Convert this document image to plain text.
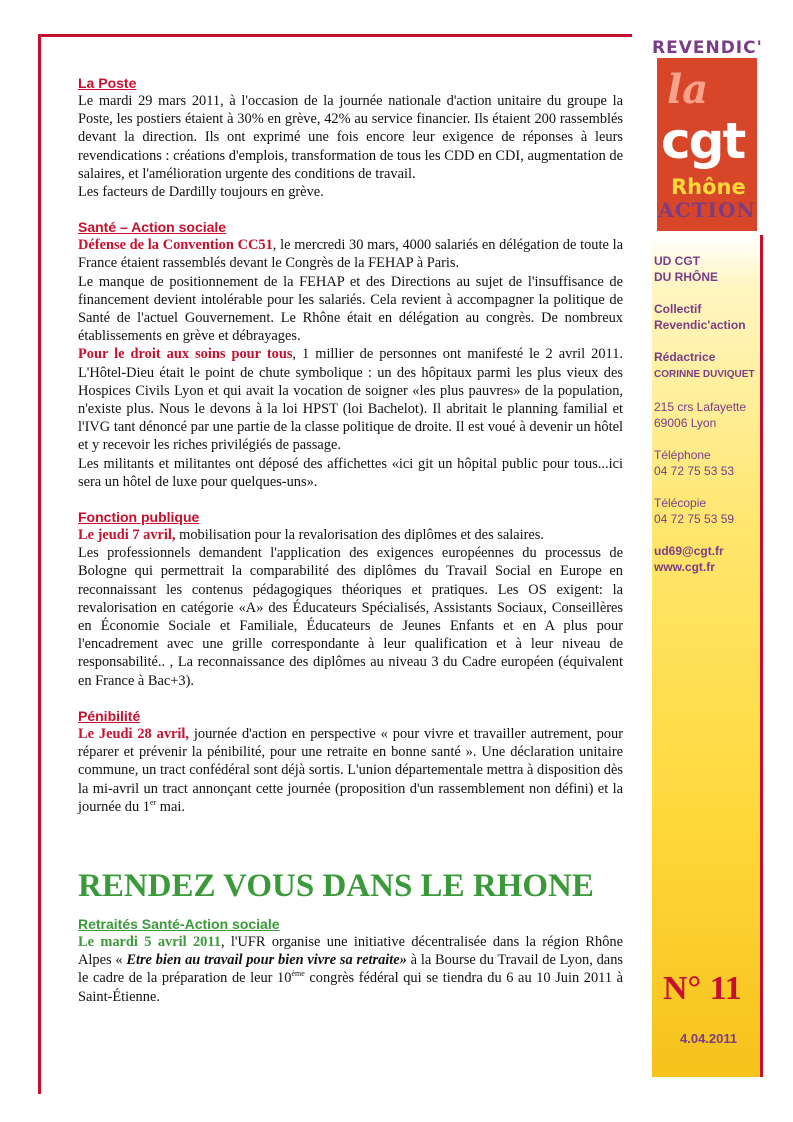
REVENDIC'
la
cgt
Rhône
ACTION

UD CGT
DU RHÔNE

Collectif
Revendic'action

Rédactrice
CORINNE DUVIQUET

215 crs Lafayette
69006 Lyon

Téléphone
04 72 75 53 53

Télécopie
04 72 75 53 59

ud69@cgt.fr
www.cgt.fr

N° 11
4.04.2011
La Poste

Le mardi 29 mars 2011, à l'occasion de la journée nationale d'action unitaire du groupe la Poste, les postiers étaient à 30% en grève, 42% au service financier. Ils étaient 200 rassemblés devant la direction. Ils ont exprimé une fois encore leur exigence de réponses à leurs revendications : créations d'emplois, transformation de tous les CDD en CDI, augmentation de salaires, et l'amélioration urgente des conditions de travail.

Les facteurs de Dardilly toujours en grève.

Santé – Action sociale

Défense de la Convention CC51, le mercredi 30 mars, 4000 salariés en délégation de toute la France étaient rassemblés devant le Congrès de la FEHAP à Paris.

Le manque de positionnement de la FEHAP et des Directions au sujet de l'insuffisance de financement devient intolérable pour les salariés. Cela revient à accompagner la politique de Santé de l'actuel Gouvernement. Le Rhône était en délégation au congrès. De nombreux établissements en grève et débrayages.

Pour le droit aux soins pour tous, 1 millier de personnes ont manifesté le 2 avril 2011. L'Hôtel-Dieu était le point de chute symbolique : un des hôpitaux parmi les plus vieux des Hospices Civils Lyon et qui avait la vocation de soigner «les plus pauvres» de la population, n'existe plus. Nous le devons à la loi HPST (loi Bachelot). Il abritait le planning familial et l'IVG tant dénoncé par une partie de la classe politique de droite. Il est voué à devenir un hôtel et y recevoir les riches privilégiés de passage.

Les militants et militantes ont déposé des affichettes «ici git un hôpital public pour tous...ici sera un hôtel de luxe pour quelques-uns».

Fonction publique

Le jeudi 7 avril, mobilisation pour la revalorisation des diplômes et des salaires.

Les professionnels demandent l'application des exigences européennes du processus de Bologne qui permettrait la comparabilité des diplômes du Travail Social en Europe en reconnaissant les contenus pédagogiques théoriques et pratiques. Les OS exigent: la revalorisation en catégorie «A» des Éducateurs Spécialisés, Assistants Sociaux, Conseillères en Économie Sociale et Familiale, Éducateurs de Jeunes Enfants et en A plus pour l'encadrement avec une grille correspondante à leur qualification et à leur niveau de responsabilité.. , La reconnaissance des diplômes au niveau 3 du Cadre européen (équivalent en France à Bac+3).

Pénibilité

Le Jeudi 28 avril, journée d'action en perspective « pour vivre et travailler autrement, pour réparer et prévenir la pénibilité, pour une retraite en bonne santé ». Une déclaration unitaire commune, un tract confédéral sont déjà sortis. L'union départementale mettra à disposition dès la mi-avril un tract annonçant cette journée (proposition d'un rassemblement non défini) et la journée du 1er mai.

RENDEZ VOUS DANS LE RHONE
Retraités Santé-Action sociale

Le mardi 5 avril 2011, l'UFR organise une initiative décentralisée dans la région Rhône Alpes « Etre bien au travail pour bien vivre sa retraite» à la Bourse du Travail de Lyon, dans le cadre de la préparation de leur 10ème congrès fédéral qui se tiendra du 6 au 10 Juin 2011 à Saint-Étienne.
